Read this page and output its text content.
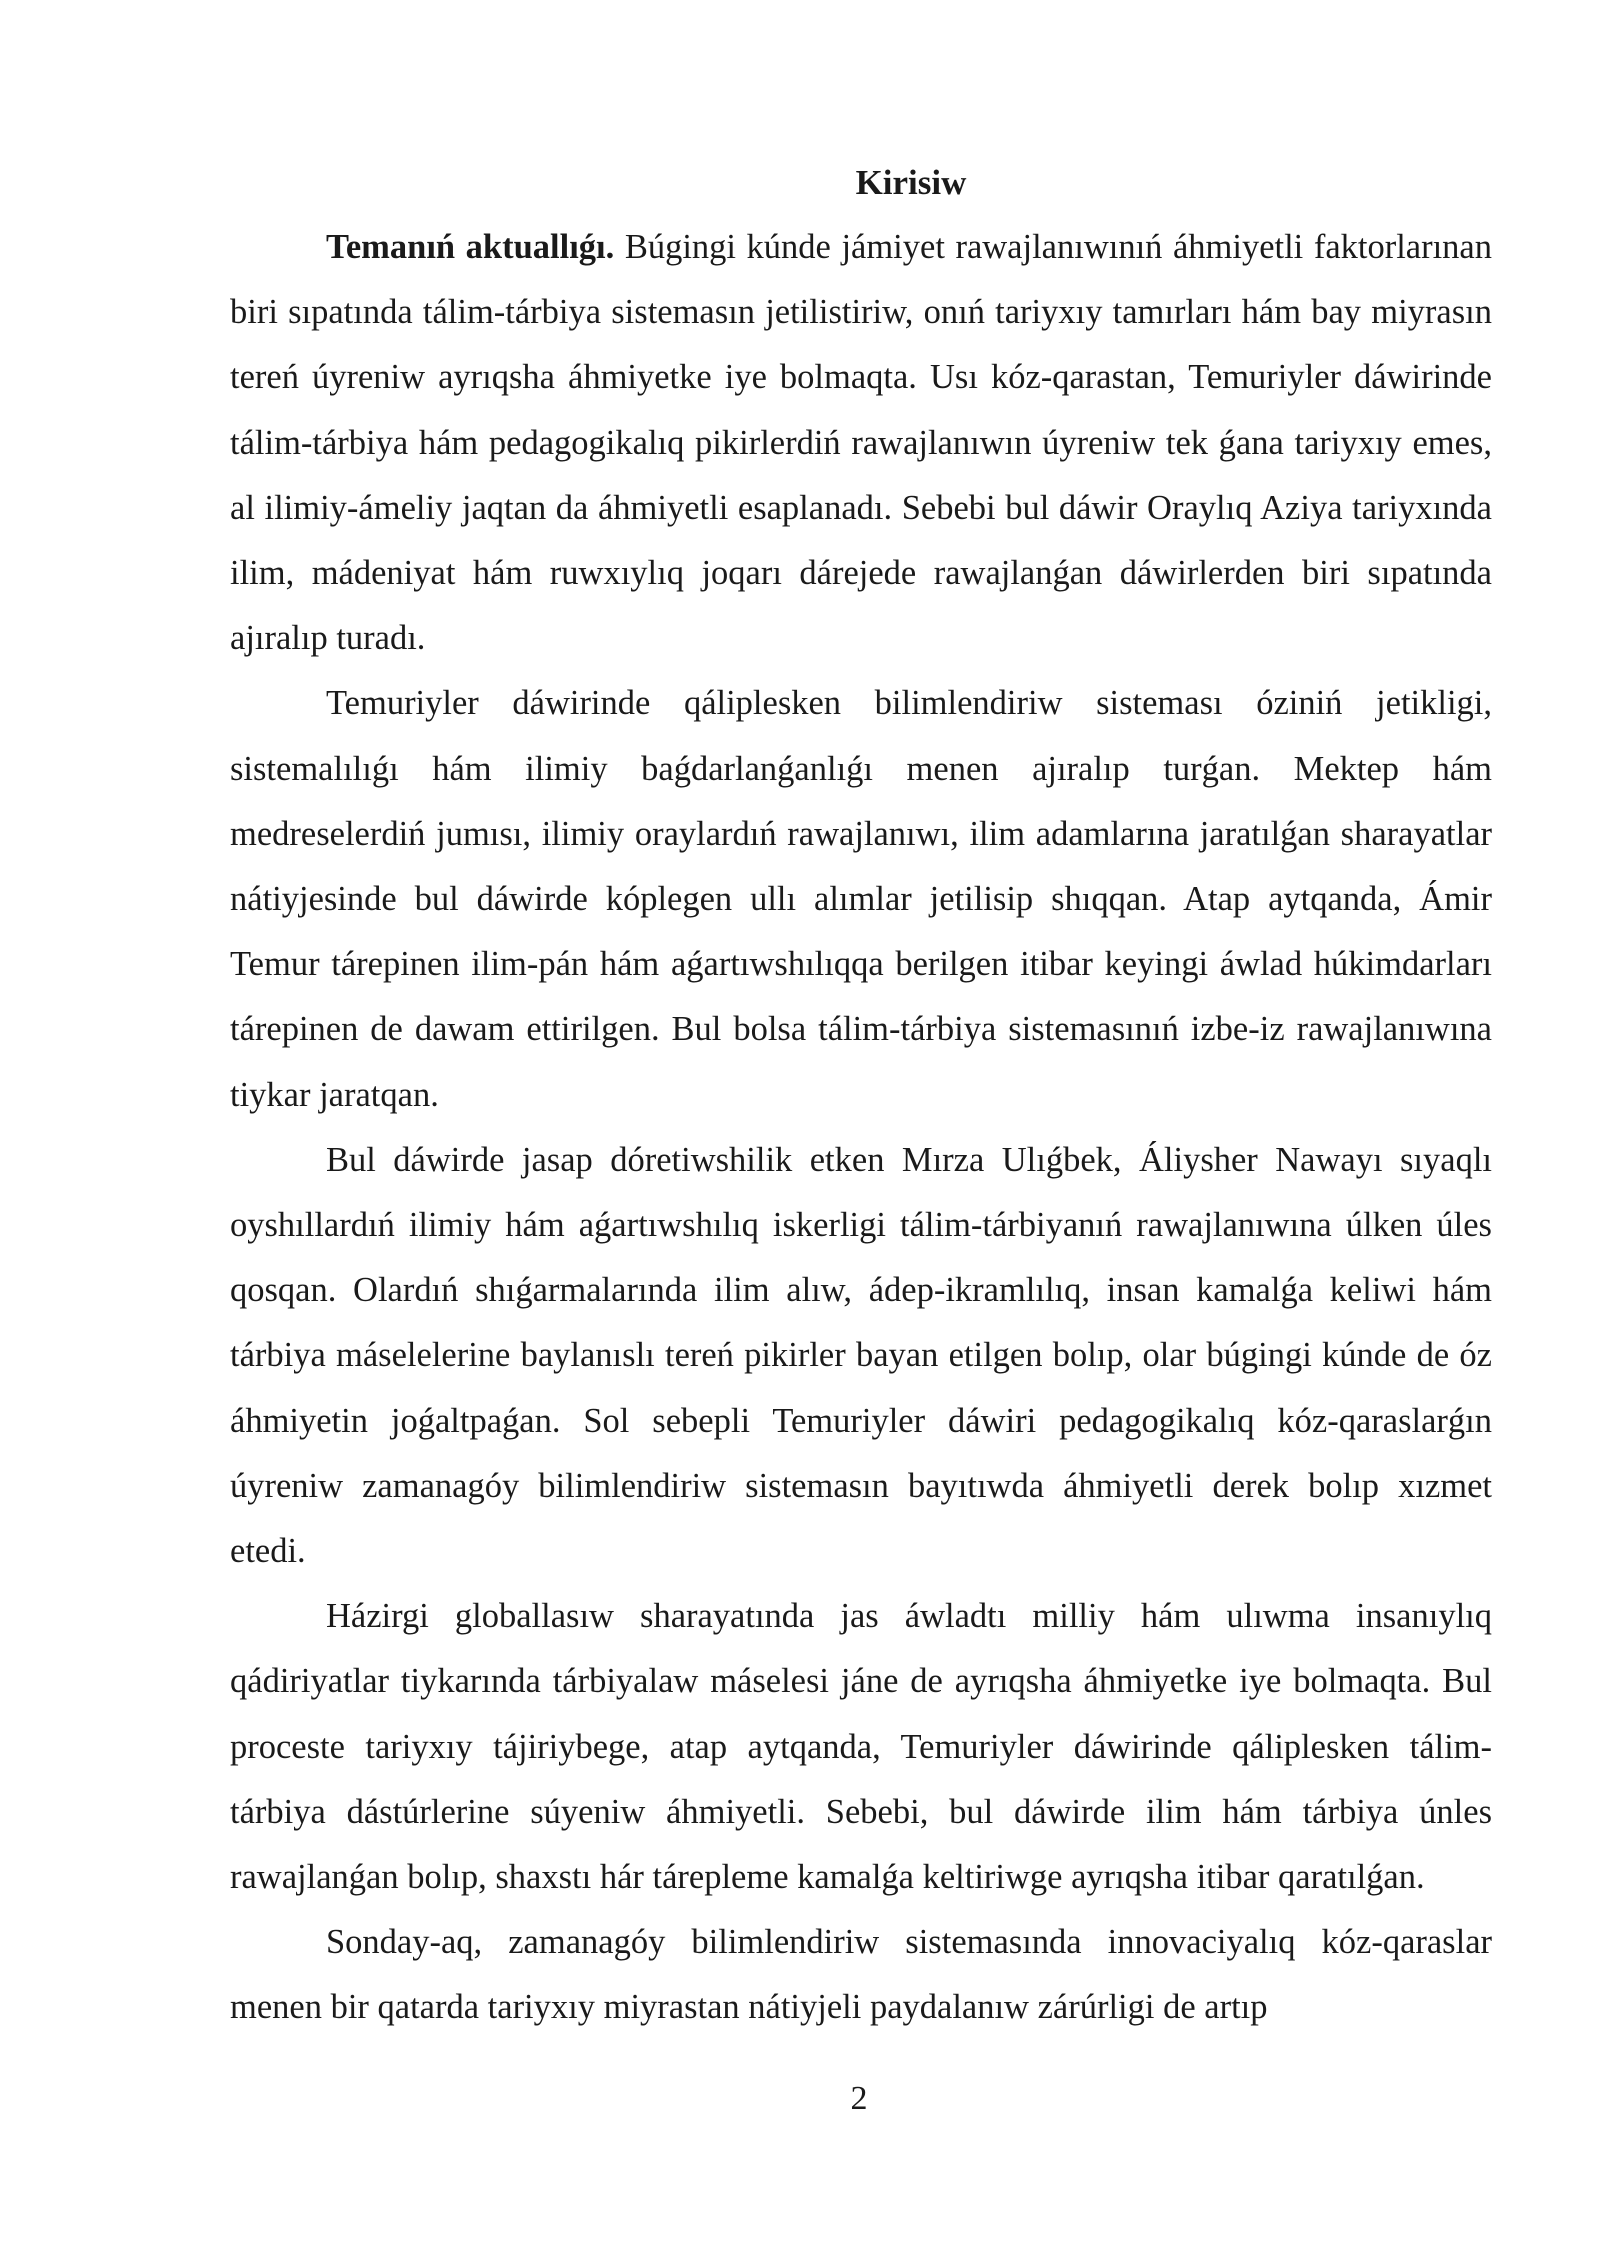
Kirisiw

Temanıń aktuallıǵı. Búgingi kúnde jámiyet rawajlanıwınıń áhmiyetli faktorlarınan biri sıpatında tálim-tárbiya sistemasın jetilistiriw, onıń tariyxıy tamırları hám bay miyrasın tereń úyreniw ayrıqsha áhmiyetke iye bolmaqta. Usı kóz-qarastan, Temuriyler dáwirinde tálim-tárbiya hám pedagogikalıq pikirlerdiń rawajlanıwın úyreniw tek ǵana tariyxıy emes, al ilimiy-ámeliy jaqtan da áhmiyetli esaplanadı. Sebebi bul dáwir Oraylıq Aziya tariyxında ilim, mádeniyat hám ruwxıylıq joqarı dárejede rawajlanǵan dáwirlerden biri sıpatında ajıralıp turadı.

Temuriyler dáwirinde qáliplesken bilimlendiriw sisteması óziniń jetikligi, sistemalılıǵı hám ilimiy baǵdarlanǵanlıǵı menen ajıralıp turǵan. Mektep hám medreselerdiń jumısı, ilimiy oraylardıń rawajlanıwı, ilim adamlarına jaratılǵan sharayatlar nátiyjesinde bul dáwirde kóplegen ullı alımlar jetilisip shıqqan. Atap aytqanda, Ámir Temur tárepinen ilim-pán hám aǵartıwshılıqqa berilgen itibar keyingi áwlad húkimdarları tárepinen de dawam ettirilgen. Bul bolsa tálim-tárbiya sistemasınıń izbe-iz rawajlanıwına tiykar jaratqan.

Bul dáwirde jasap dóretiwshilik etken Mırza Ulıǵbek, Áliysher Nawayı sıyaqlı oyshıllardıń ilimiy hám aǵartıwshılıq iskerligi tálim-tárbiyanıń rawajlanıwına úlken úles qosqan. Olardıń shıǵarmalarında ilim alıw, ádep-ikramlılıq, insan kamalǵa keliwi hám tárbiya máselelerine baylanıslı tereń pikirler bayan etilgen bolıp, olar búgingi kúnde de óz áhmiyetin joǵaltpaǵan. Sol sebepli Temuriyler dáwiri pedagogikalıq kóz-qaraslarǵın úyreniw zamanagóy bilimlendiriw sistemasın bayıtıwda áhmiyetli derek bolıp xızmet etedi.

Házirgi globallasıw sharayatında jas áwladtı milliy hám ulıwma insanıylıq qádiriyatlar tiykarında tárbiyalaw máselesi jáne de ayrıqsha áhmiyetke iye bolmaqta. Bul proceste tariyxıy tájiriybege, atap aytqanda, Temuriyler dáwirinde qáliplesken tálim-tárbiya dástúrlerine súyeniw áhmiyetli. Sebebi, bul dáwirde ilim hám tárbiya únles rawajlanǵan bolıp, shaxstı hár tárepleme kamalǵa keltiriwge ayrıqsha itibar qaratılǵan.

Sonday-aq, zamanagóy bilimlendiriw sistemasında innovaciyalıq kóz-qaraslar menen bir qatarda tariyxıy miyrastan nátiyjeli paydalanıw zárúrligi de artıp

2
